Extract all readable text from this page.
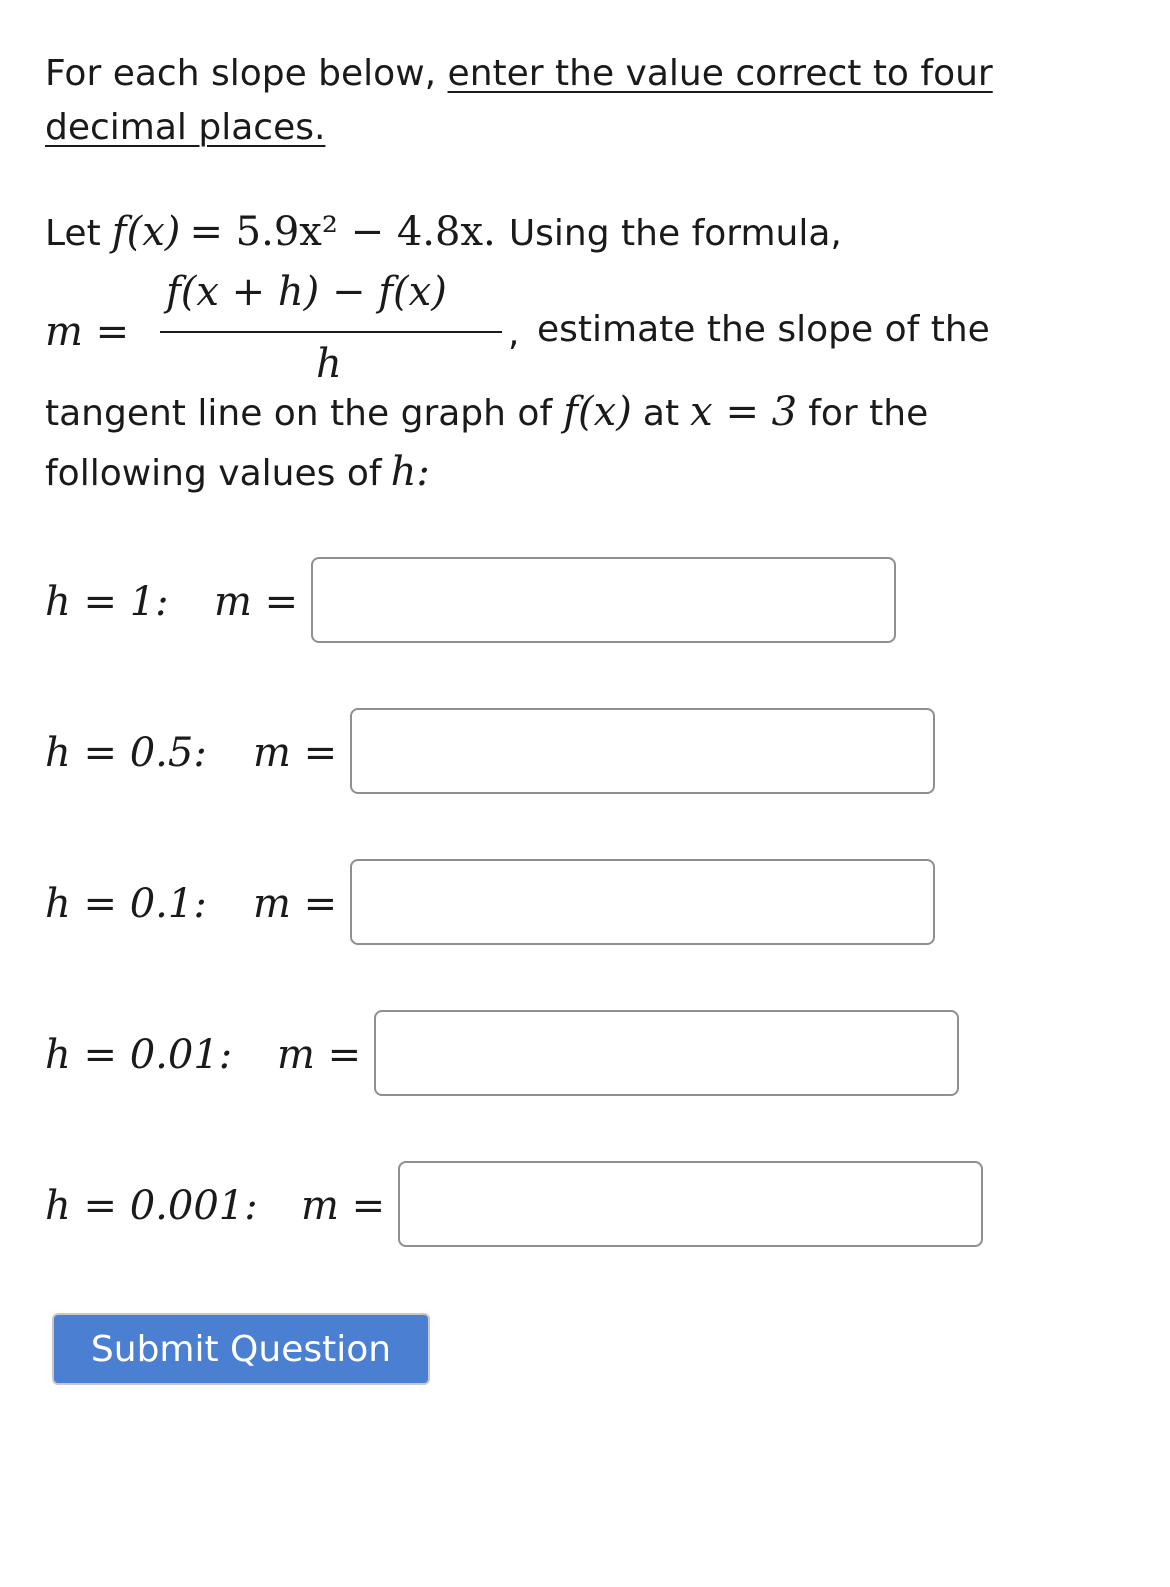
For each slope below, enter the value correct to four
decimal places.
Let f(x) = 5.9x² − 4.8x. Using the formula,
m =
f(x + h) − f(x)
h
, estimate the slope of the
tangent line on the graph of f(x) at x = 3 for the
following values of h:
h = 1: m =
h = 0.5: m =
h = 0.1: m =
h = 0.01: m =
h = 0.001: m =
Submit Question
